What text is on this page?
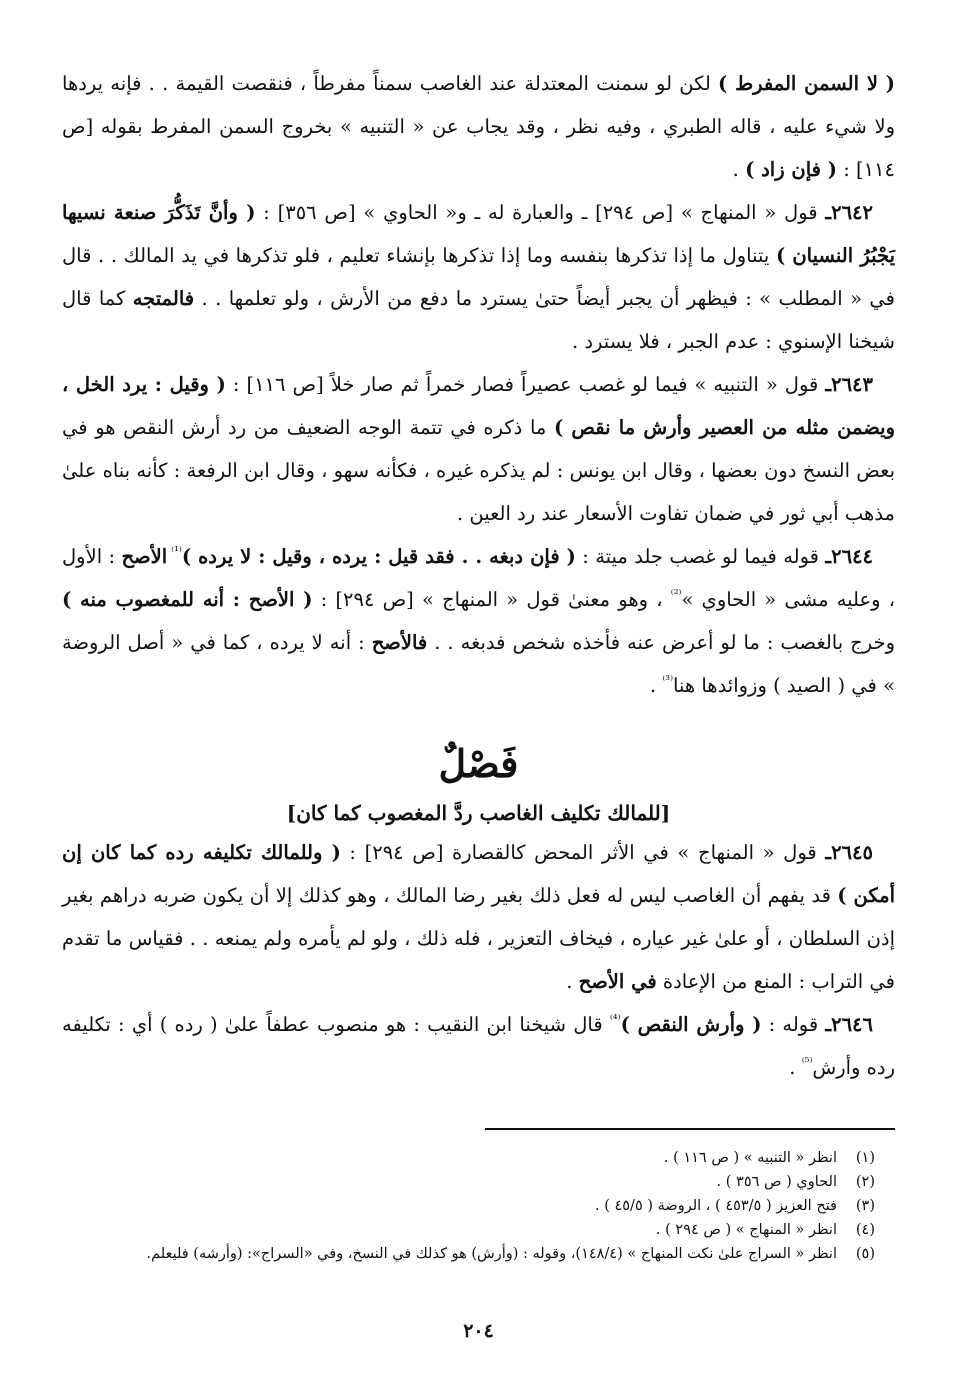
( لا السمن المفرط ) لكن لو سمنت المعتدلة عند الغاصب سمناً مفرطاً ، فنقصت القيمة . . فإنه يردها ولا شيء عليه ، قاله الطبري ، وفيه نظر ، وقد يجاب عن « التنبيه » بخروج السمن المفرط بقوله [ص ١١٤] : ( فإن زاد ) .

٢٦٤٢ـ قول « المنهاج » [ص ٢٩٤] ـ والعبارة له ـ و« الحاوي » [ص ٣٥٦] : ( وأنَّ تَذَكُّرَ صنعة نسيها يَجْبُرُ النسيان ) يتناول ما إذا تذكرها بنفسه وما إذا تذكرها بإنشاء تعليم ، فلو تذكرها في يد المالك . . قال في « المطلب » : فيظهر أن يجبر أيضاً حتىٰ يسترد ما دفع من الأرش ، ولو تعلمها . . فالمتجه كما قال شيخنا الإسنوي : عدم الجبر ، فلا يسترد .

٢٦٤٣ـ قول « التنبيه » فيما لو غصب عصيراً فصار خمراً ثم صار خلاً [ص ١١٦] : ( وقيل : يرد الخل ، ويضمن مثله من العصير وأرش ما نقص ) ما ذكره في تتمة الوجه الضعيف من رد أرش النقص هو في بعض النسخ دون بعضها ، وقال ابن يونس : لم يذكره غيره ، فكأنه سهو ، وقال ابن الرفعة : كأنه بناه علىٰ مذهب أبي ثور في ضمان تفاوت الأسعار عند رد العين .

٢٦٤٤ـ قوله فيما لو غصب جلد ميتة : ( فإن دبغه . . فقد قيل : يرده ، وقيل : لا يرده )$^{^{(1)}}$ الأصح : الأول ، وعليه مشى « الحاوي »$^{^{(2)}}$ ، وهو معنىٰ قول « المنهاج » [ص ٢٩٤] : ( الأصح : أنه للمغصوب منه ) وخرج بالغصب : ما لو أعرض عنه فأخذه شخص فدبغه . . فالأصح : أنه لا يرده ، كما في « أصل الروضة » في ( الصيد ) وزوائدها هنا$^{^{(3)}}$ .

فَصْلٌ
[للمالك تكليف الغاصب ردَّ المغصوب كما كان]

٢٦٤٥ـ قول « المنهاج » في الأثر المحض كالقصارة [ص ٢٩٤] : ( وللمالك تكليفه رده كما كان إن أمكن ) قد يفهم أن الغاصب ليس له فعل ذلك بغير رضا المالك ، وهو كذلك إلا أن يكون ضربه دراهم بغير إذن السلطان ، أو علىٰ غير عياره ، فيخاف التعزير ، فله ذلك ، ولو لم يأمره ولم يمنعه . . فقياس ما تقدم في التراب : المنع من الإعادة في الأصح .

٢٦٤٦ـ قوله : ( وأرش النقص )$^{^{(4)}}$ قال شيخنا ابن النقيب : هو منصوب عطفاً علىٰ ( رده ) أي : تكليفه رده وأرش$^{^{(5)}}$ .

(١)
انظر « التنبيه » ( ص ١١٦ ) .
(٢)
الحاوي ( ص ٣٥٦ ) .
(٣)
فتح العزيز ( ٤٥٣/٥ ) ، الروضة ( ٤٥/٥ ) .
(٤)
انظر « المنهاج » ( ص ٢٩٤ ) .
(٥)
انظر « السراج علىٰ نكت المنهاج » (١٤٨/٤)، وقوله : (وأرش) هو كذلك في النسخ، وفي «السراج»: (وأرشه) فليعلم.
٢٠٤
